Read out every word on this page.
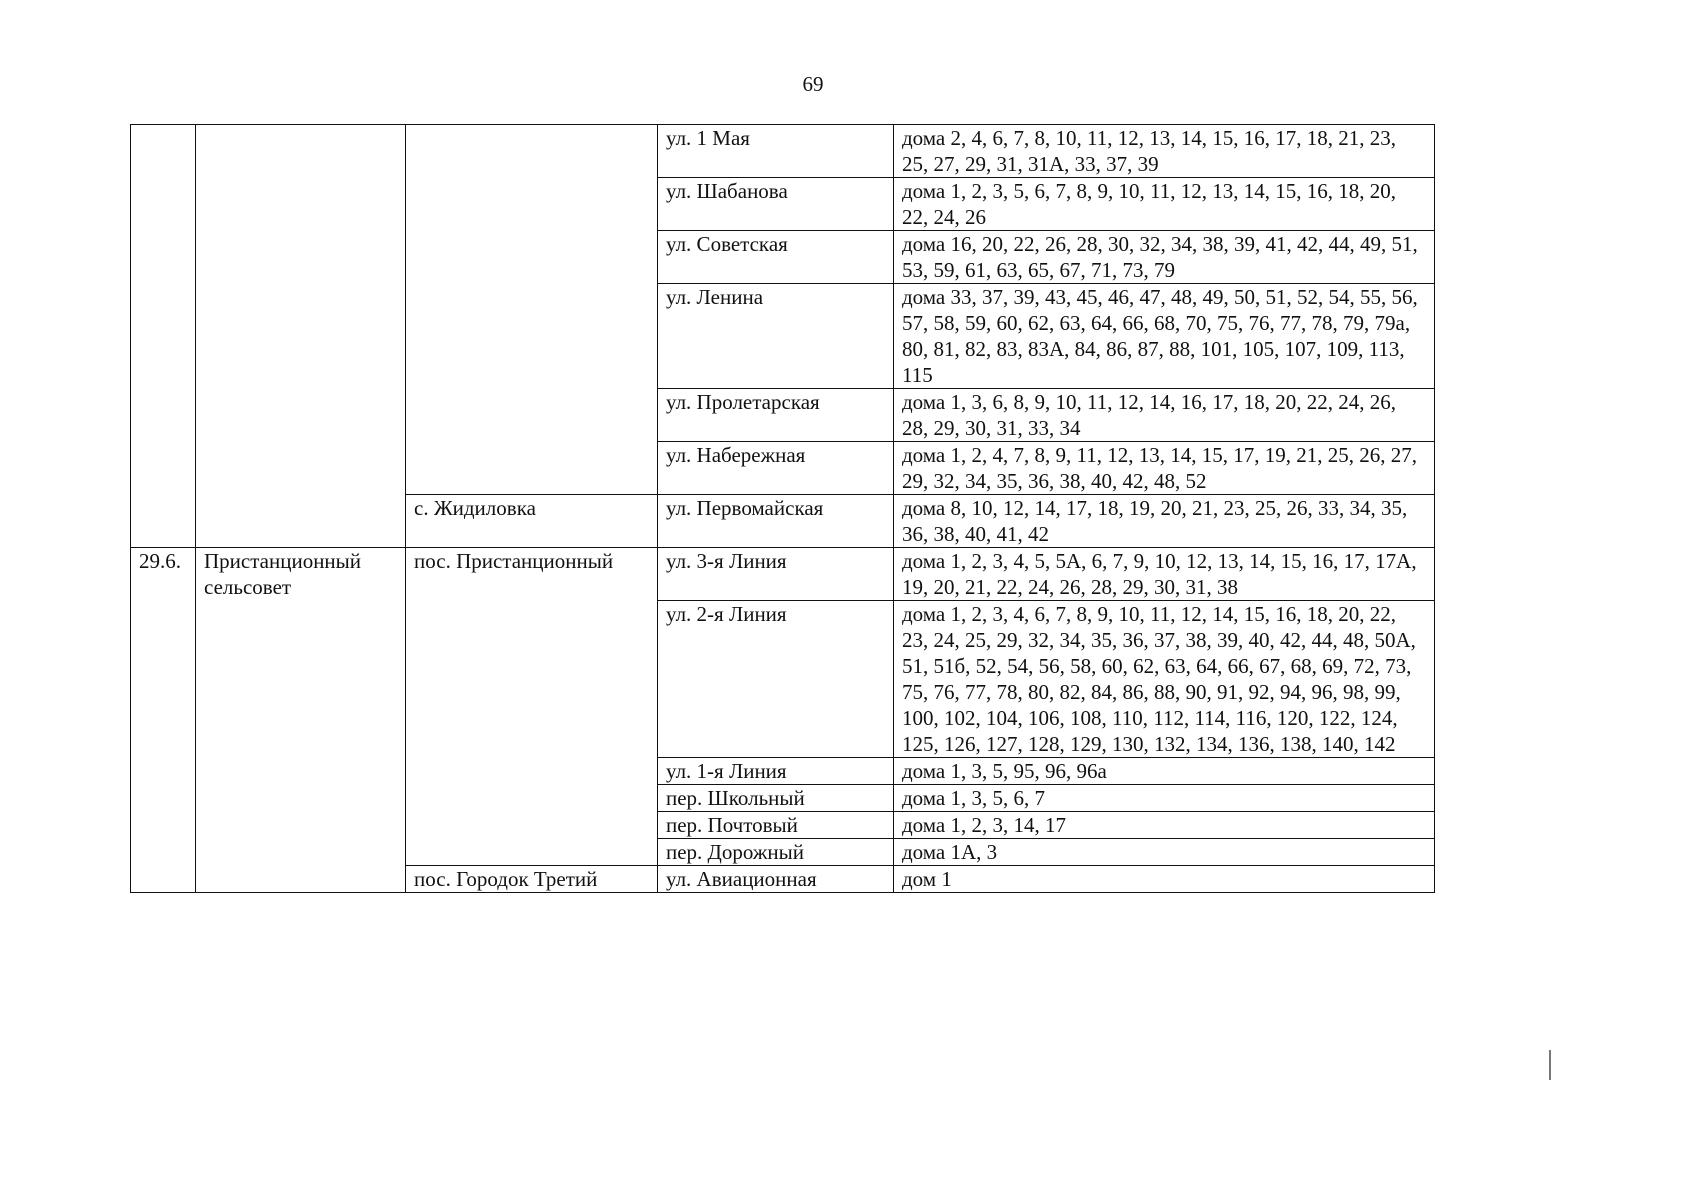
69
			ул. 1 Мая	дома 2, 4, 6, 7, 8, 10, 11, 12, 13, 14, 15, 16, 17, 18, 21, 23, 25, 27, 29, 31, 31А, 33, 37, 39
			ул. Шабанова	дома 1, 2, 3, 5, 6, 7, 8, 9, 10, 11, 12, 13, 14, 15, 16, 18, 20, 22, 24, 26
			ул. Советская	дома 16, 20, 22, 26, 28, 30, 32, 34, 38, 39, 41, 42, 44, 49, 51, 53, 59, 61, 63, 65, 67, 71, 73, 79
			ул. Ленина	дома 33, 37, 39, 43, 45, 46, 47, 48, 49, 50, 51, 52, 54, 55, 56, 57, 58, 59, 60, 62, 63, 64, 66, 68, 70, 75, 76, 77, 78, 79, 79а, 80, 81, 82, 83, 83А, 84, 86, 87, 88, 101, 105, 107, 109, 113, 115
			ул. Пролетарская	дома 1, 3, 6, 8, 9, 10, 11, 12, 14, 16, 17, 18, 20, 22, 24, 26, 28, 29, 30, 31, 33, 34
			ул. Набережная	дома 1, 2, 4, 7, 8, 9, 11, 12, 13, 14, 15, 17, 19, 21, 25, 26, 27, 29, 32, 34, 35, 36, 38, 40, 42, 48, 52
		с. Жидиловка	ул. Первомайская	дома 8, 10, 12, 14, 17, 18, 19, 20, 21, 23, 25, 26, 33, 34, 35, 36, 38, 40, 41, 42
29.6.	Пристанционный сельсовет	пос. Пристанционный	ул. 3-я Линия	дома 1, 2, 3, 4, 5, 5А, 6, 7, 9, 10, 12, 13, 14, 15, 16, 17, 17А, 19, 20, 21, 22, 24, 26, 28, 29, 30, 31, 38
			ул. 2-я Линия	дома 1, 2, 3, 4, 6, 7, 8, 9, 10, 11, 12, 14, 15, 16, 18, 20, 22, 23, 24, 25, 29, 32, 34, 35, 36, 37, 38, 39, 40, 42, 44, 48, 50А, 51, 51б, 52, 54, 56, 58, 60, 62, 63, 64, 66, 67, 68, 69, 72, 73, 75, 76, 77, 78, 80, 82, 84, 86, 88, 90, 91, 92, 94, 96, 98, 99, 100, 102, 104, 106, 108, 110, 112, 114, 116, 120, 122, 124, 125, 126, 127, 128, 129, 130, 132, 134, 136, 138, 140, 142
			ул. 1-я Линия	дома 1, 3, 5, 95, 96, 96а
			пер. Школьный	дома 1, 3, 5, 6, 7
			пер. Почтовый	дома 1, 2, 3, 14, 17
			пер. Дорожный	дома 1А, 3
		пос. Городок Третий	ул. Авиационная	дом 1
